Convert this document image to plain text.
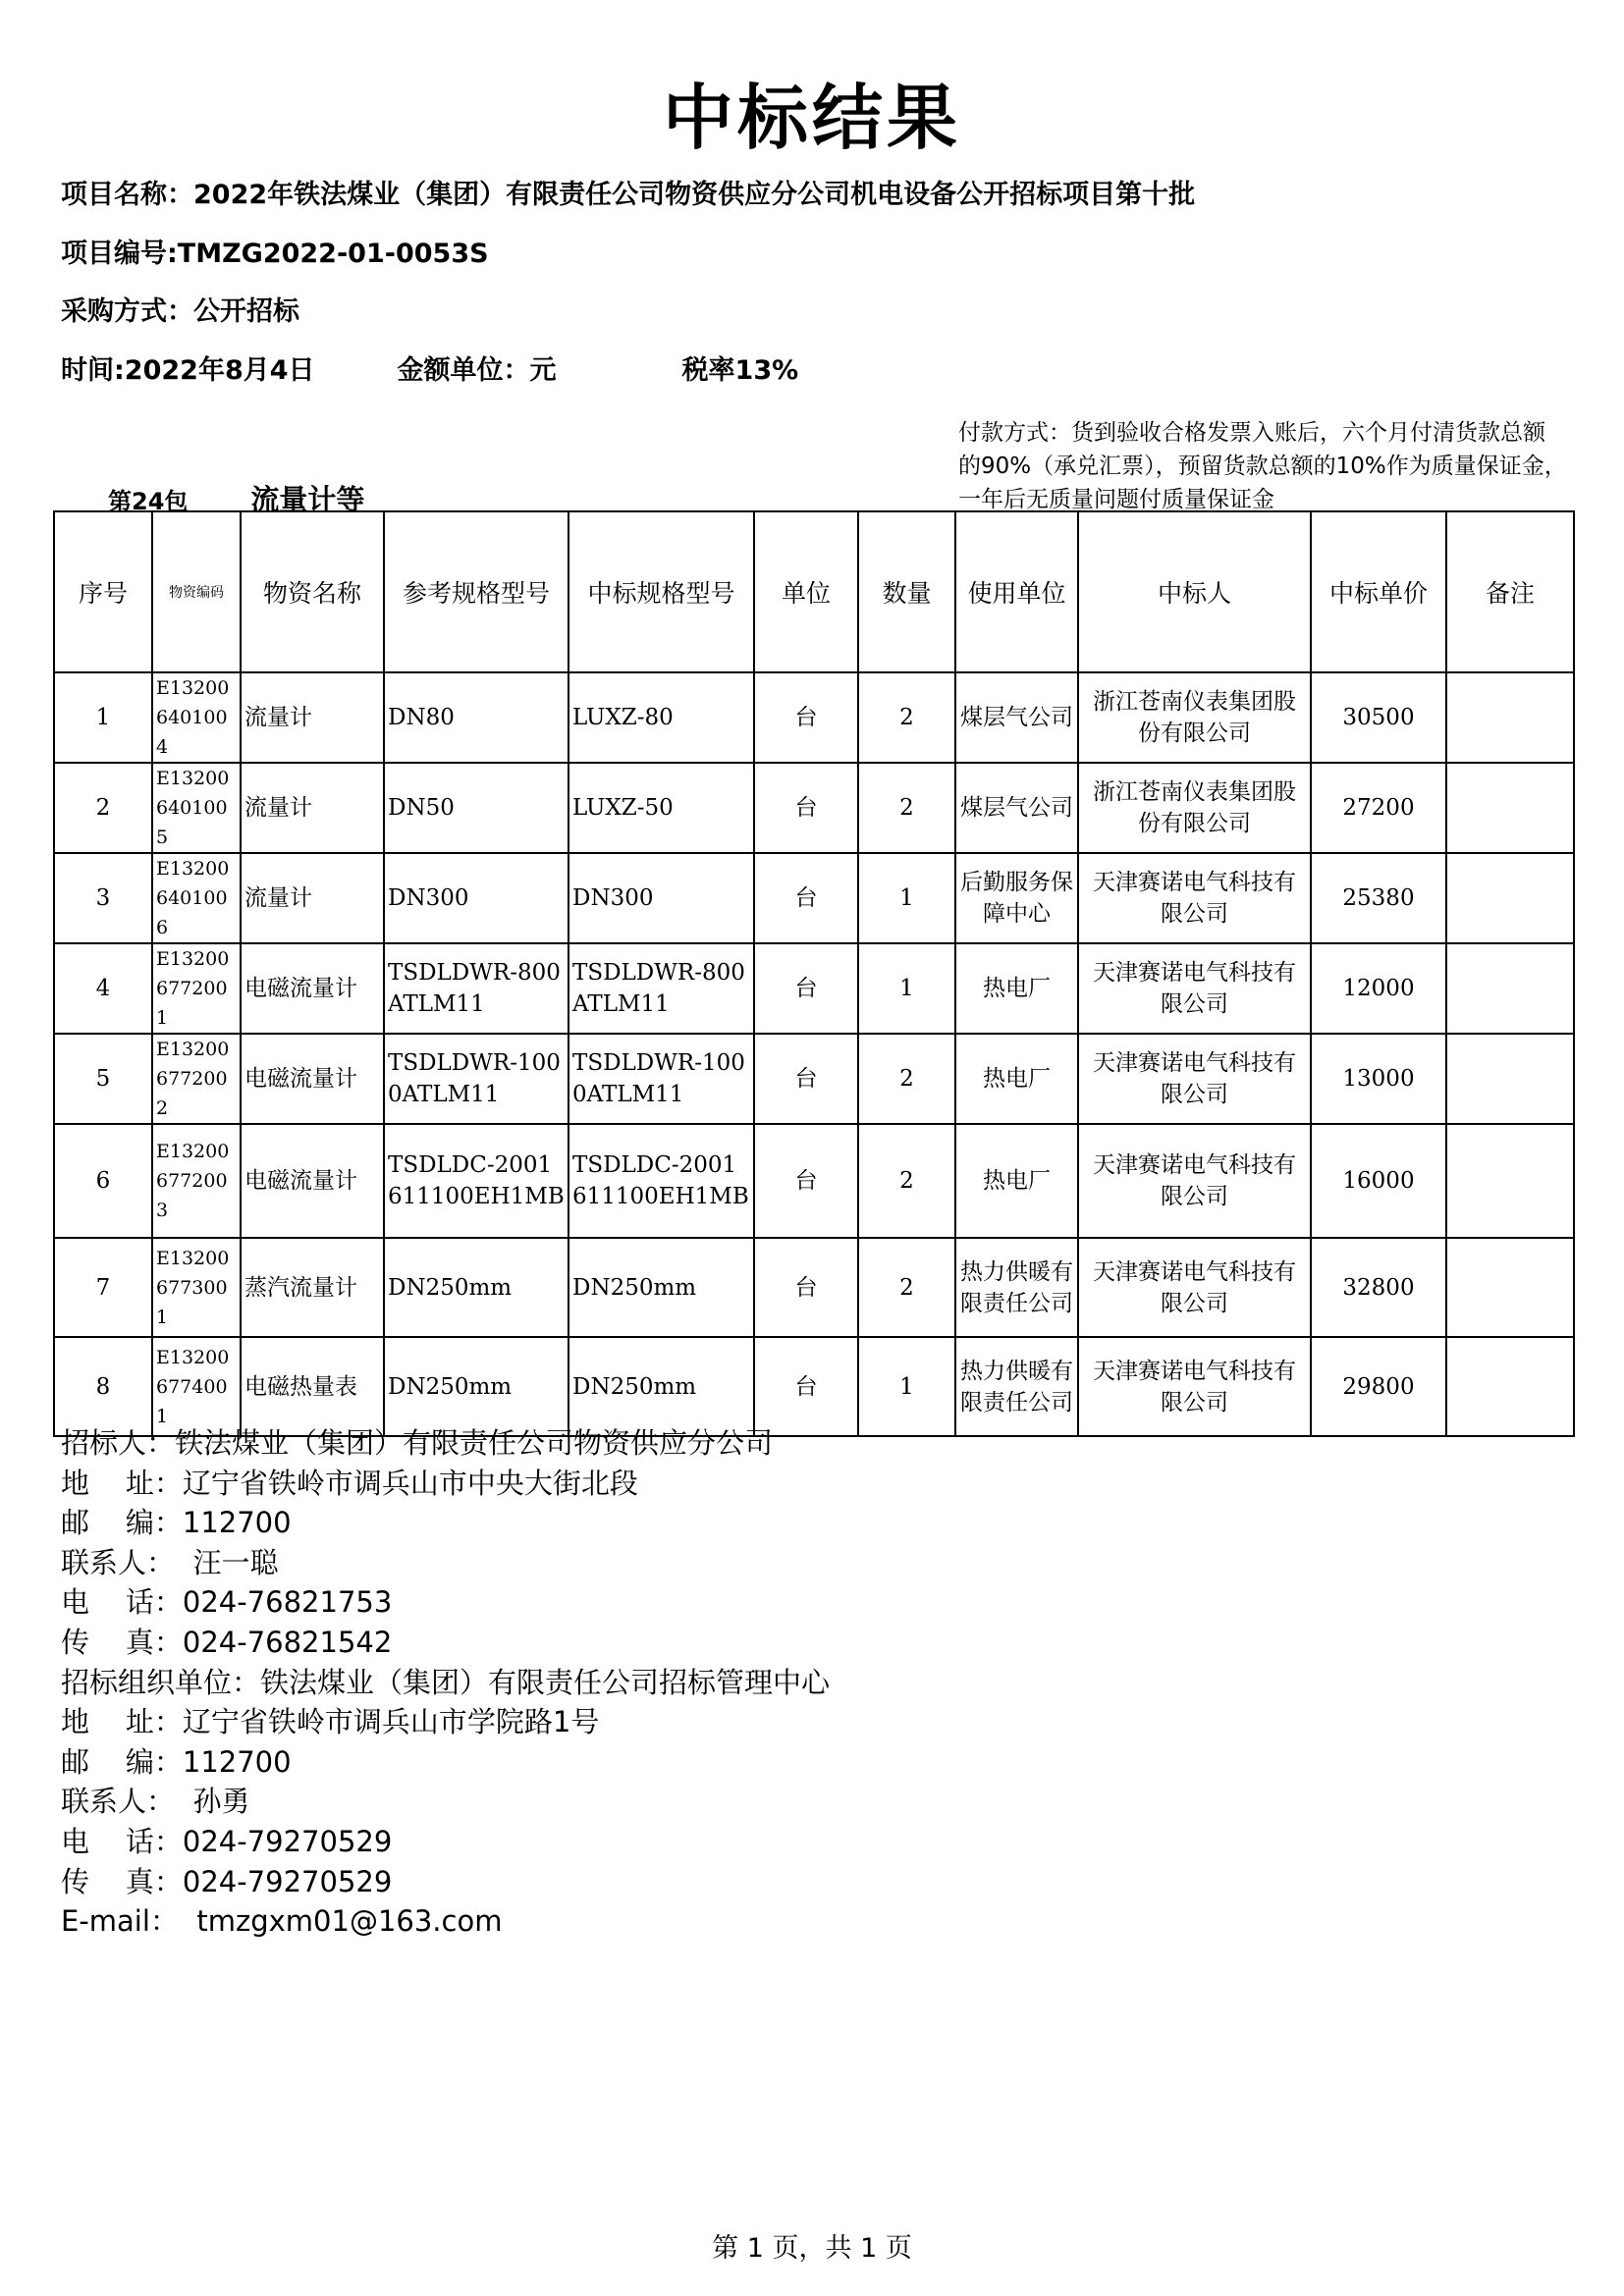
中标结果
项目名称：2022年铁法煤业（集团）有限责任公司物资供应分公司机电设备公开招标项目第十批
项目编号:TMZG2022-01-0053S
采购方式：公开招标
时间:2022年8月4日	金额单位：元	税率13%
付款方式：货到验收合格发票入账后，六个月付清货款总额的90%（承兑汇票），预留货款总额的10%作为质量保证金，一年后无质量问题付质量保证金
第24包 流量计等
序号	物资编码	物资名称	参考规格型号	中标规格型号	单位	数量	使用单位	中标人	中标单价	备注
1	E132006401004	流量计	DN80	LUXZ-80	台	2	煤层气公司	浙江苍南仪表集团股份有限公司	30500	
2	E132006401005	流量计	DN50	LUXZ-50	台	2	煤层气公司	浙江苍南仪表集团股份有限公司	27200	
3	E132006401006	流量计	DN300	DN300	台	1	后勤服务保障中心	天津赛诺电气科技有限公司	25380	
4	E132006772001	电磁流量计	TSDLDWR-800ATLM11	TSDLDWR-800ATLM11	台	1	热电厂	天津赛诺电气科技有限公司	12000	
5	E132006772002	电磁流量计	TSDLDWR-1000ATLM11	TSDLDWR-1000ATLM11	台	2	热电厂	天津赛诺电气科技有限公司	13000	
6	E132006772003	电磁流量计	TSDLDC-2001611100EH1MB	TSDLDC-2001611100EH1MB	台	2	热电厂	天津赛诺电气科技有限公司	16000	
7	E132006773001	蒸汽流量计	DN250mm	DN250mm	台	2	热力供暖有限责任公司	天津赛诺电气科技有限公司	32800	
8	E132006774001	电磁热量表	DN250mm	DN250mm	台	1	热力供暖有限责任公司	天津赛诺电气科技有限公司	29800	
招标人：铁法煤业（集团）有限责任公司物资供应分公司
地    址：辽宁省铁岭市调兵山市中央大街北段
邮    编：112700
联系人：  汪一聪
电    话：024-76821753
传    真：024-76821542
招标组织单位：铁法煤业（集团）有限责任公司招标管理中心
地    址：辽宁省铁岭市调兵山市学院路1号
邮    编：112700
联系人：  孙勇
电    话：024-79270529
传    真：024-79270529
E-mail：  tmzgxm01@163.com
第 1 页，共 1 页
